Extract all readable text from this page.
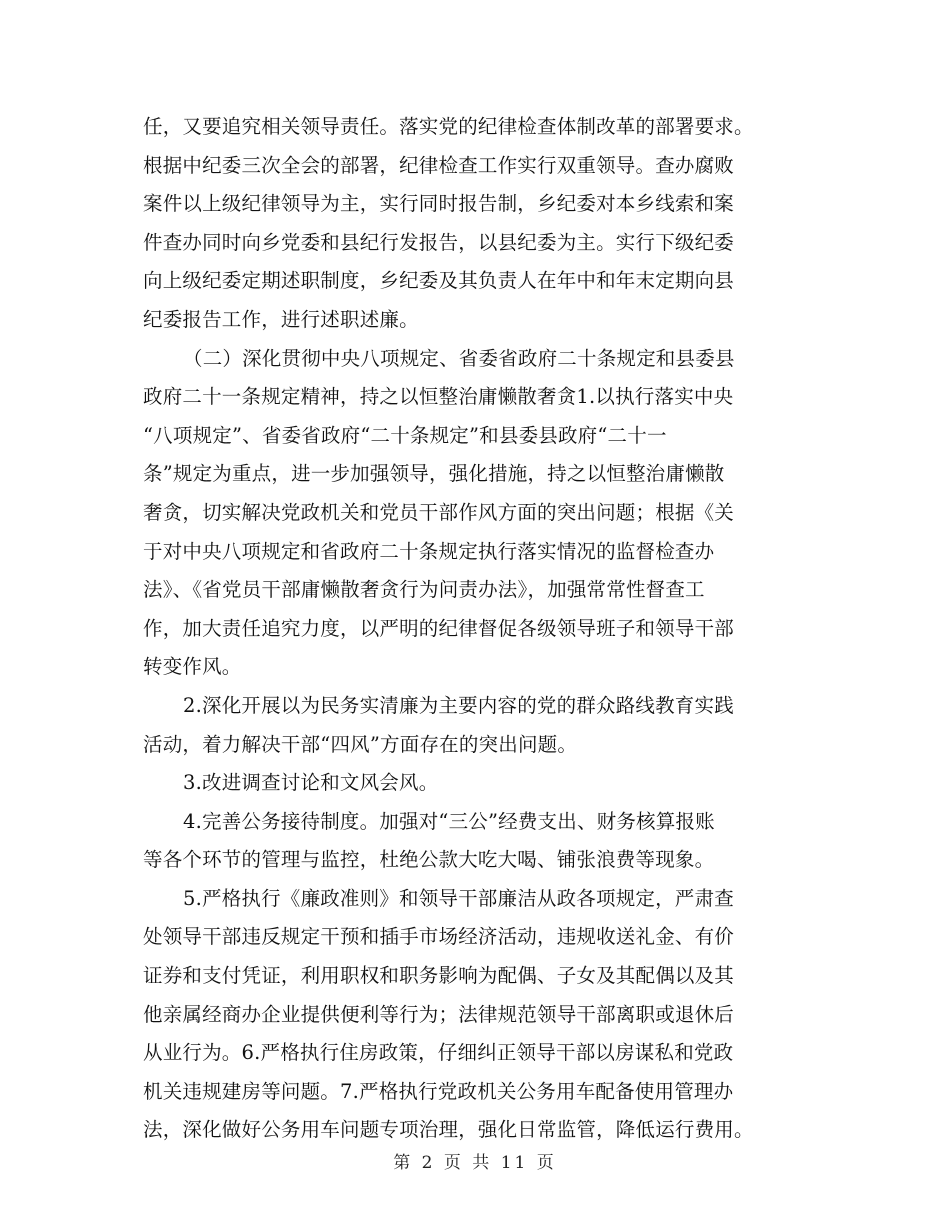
任，又要追究相关领导责任。落实党的纪律检查体制改革的部署要求。
根据中纪委三次全会的部署，纪律检查工作实行双重领导。查办腐败
案件以上级纪律领导为主，实行同时报告制，乡纪委对本乡线索和案
件查办同时向乡党委和县纪行发报告，以县纪委为主。实行下级纪委
向上级纪委定期述职制度，乡纪委及其负责人在年中和年末定期向县
纪委报告工作，进行述职述廉。
（二）深化贯彻中央八项规定、省委省政府二十条规定和县委县
政府二十一条规定精神，持之以恒整治庸懒散奢贪1.以执行落实中央
“八项规定”、省委省政府“二十条规定”和县委县政府“二十一
条”规定为重点，进一步加强领导，强化措施，持之以恒整治庸懒散
奢贪，切实解决党政机关和党员干部作风方面的突出问题；根据《关
于对中央八项规定和省政府二十条规定执行落实情况的监督检查办
法》、《省党员干部庸懒散奢贪行为问责办法》，加强常常性督查工
作，加大责任追究力度，以严明的纪律督促各级领导班子和领导干部
转变作风。
2.深化开展以为民务实清廉为主要内容的党的群众路线教育实践
活动，着力解决干部“四风”方面存在的突出问题。
3.改进调查讨论和文风会风。
4.完善公务接待制度。加强对“三公”经费支出、财务核算报账
等各个环节的管理与监控，杜绝公款大吃大喝、铺张浪费等现象。
5.严格执行《廉政准则》和领导干部廉洁从政各项规定，严肃查
处领导干部违反规定干预和插手市场经济活动，违规收送礼金、有价
证券和支付凭证，利用职权和职务影响为配偶、子女及其配偶以及其
他亲属经商办企业提供便利等行为；法律规范领导干部离职或退休后
从业行为。6.严格执行住房政策，仔细纠正领导干部以房谋私和党政
机关违规建房等问题。7.严格执行党政机关公务用车配备使用管理办
法，深化做好公务用车问题专项治理，强化日常监管，降低运行费用。
第 2 页 共 11 页
